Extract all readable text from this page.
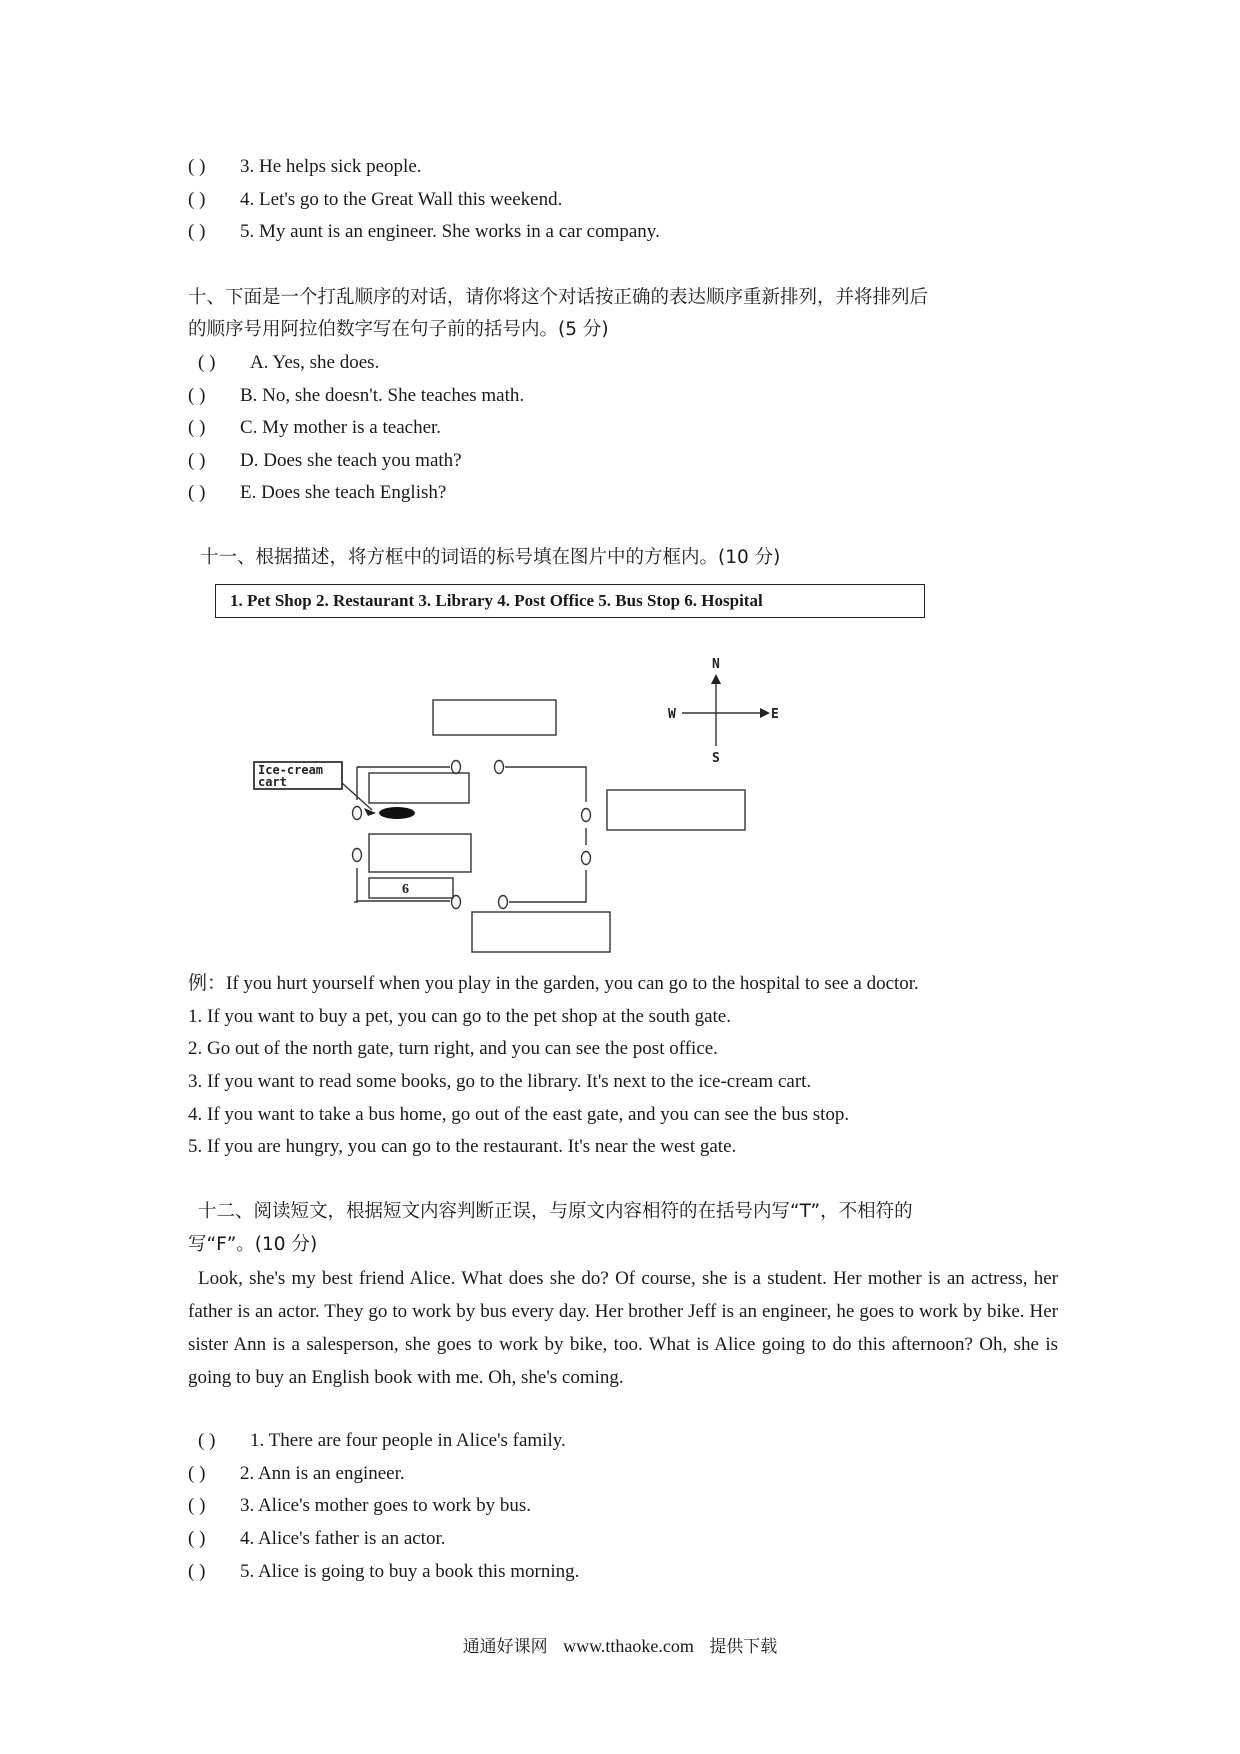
( ) 3. He helps sick people.
( ) 4. Let's go to the Great Wall this weekend.
( ) 5. My aunt is an engineer. She works in a car company.
十、下面是一个打乱顺序的对话，请你将这个对话按正确的表达顺序重新排列，并将排列后
的顺序号用阿拉伯数字写在句子前的括号内。(5 分)
( ) A. Yes, she does.
( ) B. No, she doesn't. She teaches math.
( ) C. My mother is a teacher.
( ) D. Does she teach you math?
( ) E. Does she teach English?
十一、根据描述，将方框中的词语的标号填在图片中的方框内。(10 分)
1. Pet Shop 2. Restaurant 3. Library 4. Post Office 5. Bus Stop 6. Hospital
N
S
W	E
Ice-cream
cart
6
例：If you hurt yourself when you play in the garden, you can go to the hospital to see a doctor.
1. If you want to buy a pet, you can go to the pet shop at the south gate.
2. Go out of the north gate, turn right, and you can see the post office.
3. If you want to read some books, go to the library. It's next to the ice-cream cart.
4. If you want to take a bus home, go out of the east gate, and you can see the bus stop.
5. If you are hungry, you can go to the restaurant. It's near the west gate.
十二、阅读短文，根据短文内容判断正误，与原文内容相符的在括号内写“T”，不相符的
写“F”。(10 分)
Look, she's my best friend Alice. What does she do? Of course, she is a student. Her mother is an actress, her father is an actor. They go to work by bus every day. Her brother Jeff is an engineer, he goes to work by bike. Her sister Ann is a salesperson, she goes to work by bike, too. What is Alice going to do this afternoon? Oh, she is going to buy an English book with me. Oh, she's coming.
( ) 1. There are four people in Alice's family.
( ) 2. Ann is an engineer.
( ) 3. Alice's mother goes to work by bus.
( ) 4. Alice's father is an actor.
( ) 5. Alice is going to buy a book this morning.
通通好课网 www.tthaoke.com 提供下载
